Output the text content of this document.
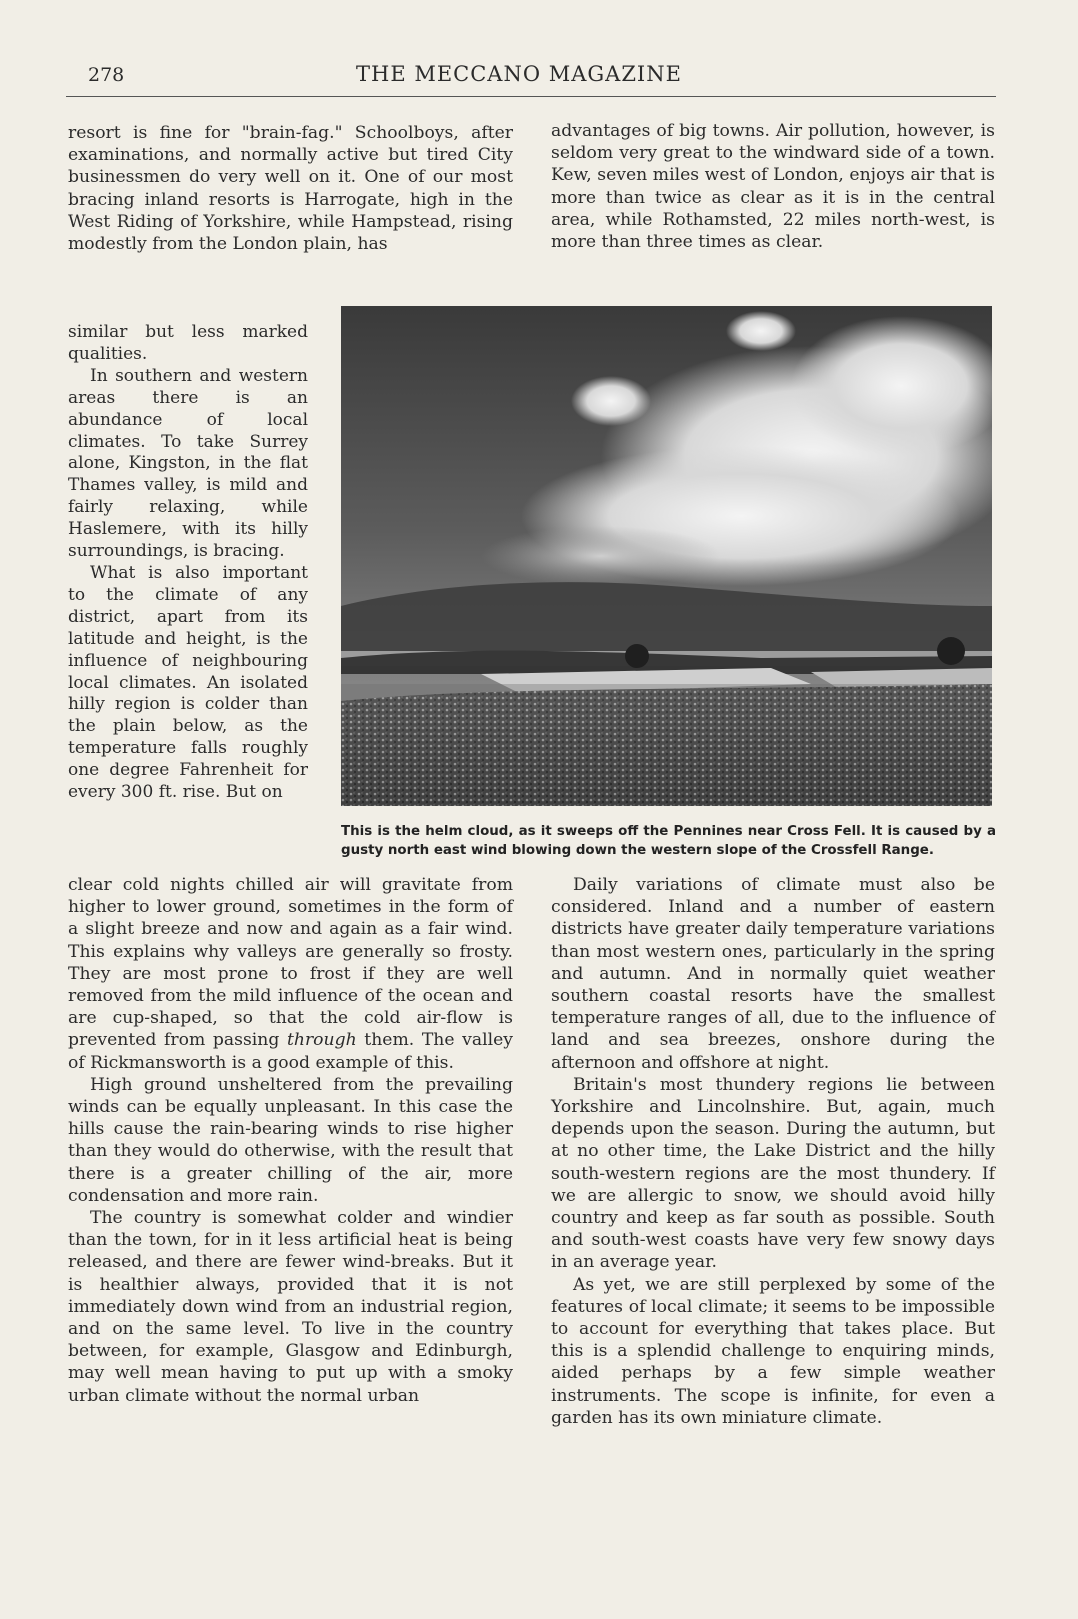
278	THE MECCANO MAGAZINE

resort is fine for "brain-fag." Schoolboys, after examinations, and normally active but tired City businessmen do very well on it. One of our most bracing inland resorts is Harrogate, high in the West Riding of Yorkshire, while Hampstead, rising modestly from the London plain, has

similar but less marked qualities.

In southern and western areas there is an abundance of local climates. To take Surrey alone, Kingston, in the flat Thames valley, is mild and fairly relaxing, while Haslemere, with its hilly surroundings, is bracing.

What is also important to the climate of any district, apart from its latitude and height, is the influence of neighbouring local climates. An isolated hilly region is colder than the plain below, as the temperature falls roughly one degree Fahrenheit for every 300 ft. rise. But on

clear cold nights chilled air will gravitate from higher to lower ground, sometimes in the form of a slight breeze and now and again as a fair wind. This explains why valleys are generally so frosty. They are most prone to frost if they are well removed from the mild influence of the ocean and are cup-shaped, so that the cold air-flow is prevented from passing through them. The valley of Rickmansworth is a good example of this.

High ground unsheltered from the prevailing winds can be equally unpleasant. In this case the hills cause the rain-bearing winds to rise higher than they would do otherwise, with the result that there is a greater chilling of the air, more condensation and more rain.

The country is somewhat colder and windier than the town, for in it less artificial heat is being released, and there are fewer wind-breaks. But it is healthier always, provided that it is not immediately down wind from an industrial region, and on the same level. To live in the country between, for example, Glasgow and Edinburgh, may well mean having to put up with a smoky urban climate without the normal urban

advantages of big towns. Air pollution, however, is seldom very great to the windward side of a town. Kew, seven miles west of London, enjoys air that is more than twice as clear as it is in the central area, while Rothamsted, 22 miles north-west, is more than three times as clear.

This is the helm cloud, as it sweeps off the Pennines near Cross Fell. It is caused by a gusty north east wind blowing down the western slope of the Crossfell Range.

Daily variations of climate must also be considered. Inland and a number of eastern districts have greater daily temperature variations than most western ones, particularly in the spring and autumn. And in normally quiet weather southern coastal resorts have the smallest temperature ranges of all, due to the influence of land and sea breezes, onshore during the afternoon and offshore at night.

Britain's most thundery regions lie between Yorkshire and Lincolnshire. But, again, much depends upon the season. During the autumn, but at no other time, the Lake District and the hilly south-western regions are the most thundery. If we are allergic to snow, we should avoid hilly country and keep as far south as possible. South and south-west coasts have very few snowy days in an average year.

As yet, we are still perplexed by some of the features of local climate; it seems to be impossible to account for everything that takes place. But this is a splendid challenge to enquiring minds, aided perhaps by a few simple weather instruments. The scope is infinite, for even a garden has its own miniature climate.
